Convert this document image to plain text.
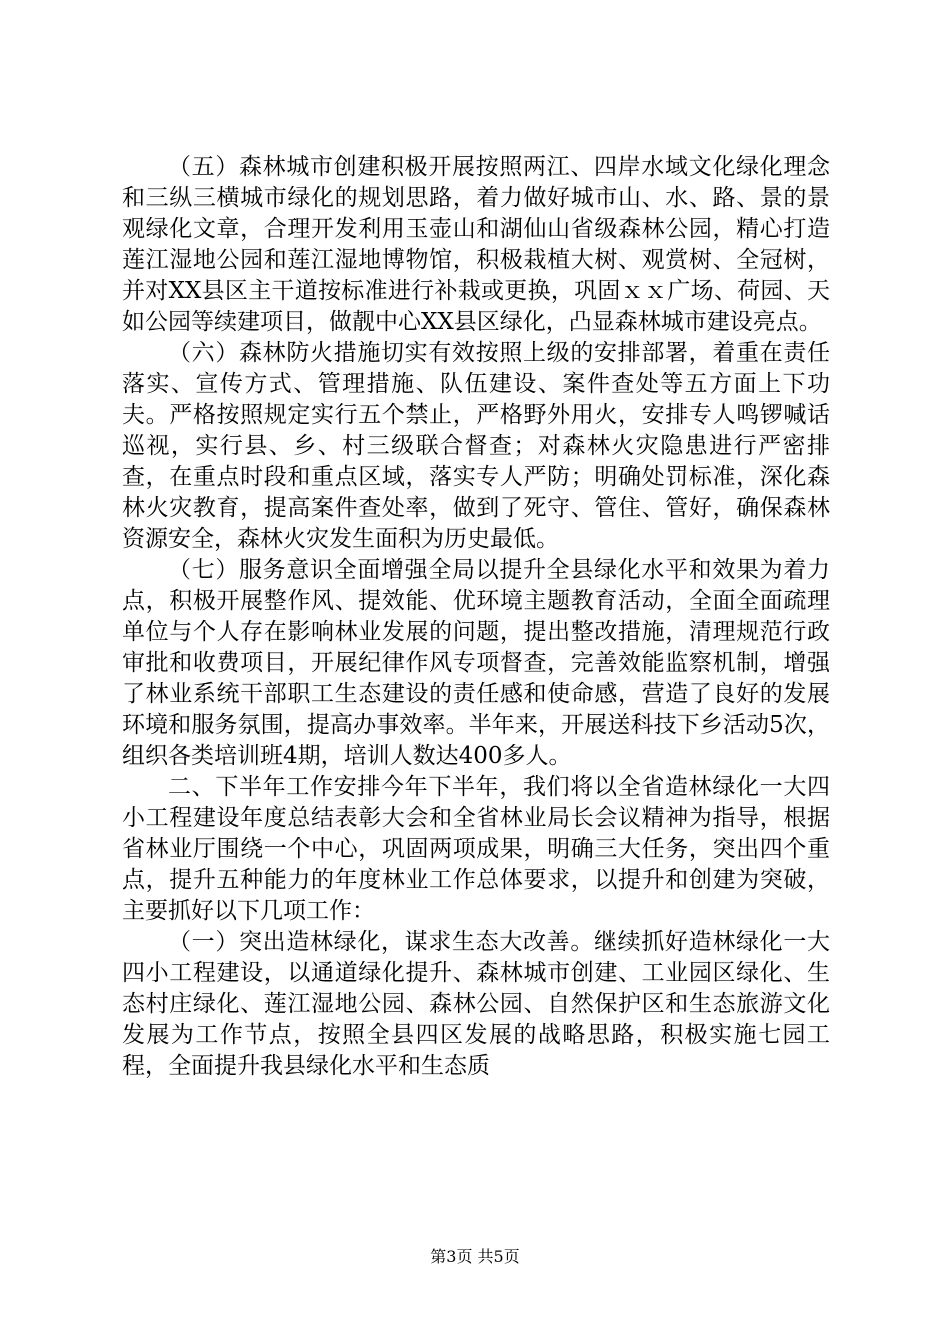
（五）森林城市创建积极开展按照两江、四岸水域文化绿化理念和三纵三横城市绿化的规划思路，着力做好城市山、水、路、景的景观绿化文章，合理开发利用玉壶山和湖仙山省级森林公园，精心打造莲江湿地公园和莲江湿地博物馆，积极栽植大树、观赏树、全冠树，并对XX县区主干道按标准进行补栽或更换，巩固ｘｘ广场、荷园、天如公园等续建项目，做靓中心XX县区绿化，凸显森林城市建设亮点。

（六）森林防火措施切实有效按照上级的安排部署，着重在责任落实、宣传方式、管理措施、队伍建设、案件查处等五方面上下功夫。严格按照规定实行五个禁止，严格野外用火，安排专人鸣锣喊话巡视，实行县、乡、村三级联合督查；对森林火灾隐患进行严密排查，在重点时段和重点区域，落实专人严防；明确处罚标准，深化森林火灾教育，提高案件查处率，做到了死守、管住、管好，确保森林资源安全，森林火灾发生面积为历史最低。

（七）服务意识全面增强全局以提升全县绿化水平和效果为着力点，积极开展整作风、提效能、优环境主题教育活动，全面全面疏理单位与个人存在影响林业发展的问题，提出整改措施，清理规范行政审批和收费项目，开展纪律作风专项督查，完善效能监察机制，增强了林业系统干部职工生态建设的责任感和使命感，营造了良好的发展环境和服务氛围，提高办事效率。半年来，开展送科技下乡活动5次，组织各类培训班4期，培训人数达400多人。

二、下半年工作安排今年下半年，我们将以全省造林绿化一大四小工程建设年度总结表彰大会和全省林业局长会议精神为指导，根据省林业厅围绕一个中心，巩固两项成果，明确三大任务，突出四个重点，提升五种能力的年度林业工作总体要求，以提升和创建为突破，主要抓好以下几项工作：

（一）突出造林绿化，谋求生态大改善。继续抓好造林绿化一大四小工程建设，以通道绿化提升、森林城市创建、工业园区绿化、生态村庄绿化、莲江湿地公园、森林公园、自然保护区和生态旅游文化发展为工作节点，按照全县四区发展的战略思路，积极实施七园工程，全面提升我县绿化水平和生态质

第3页 共5页
